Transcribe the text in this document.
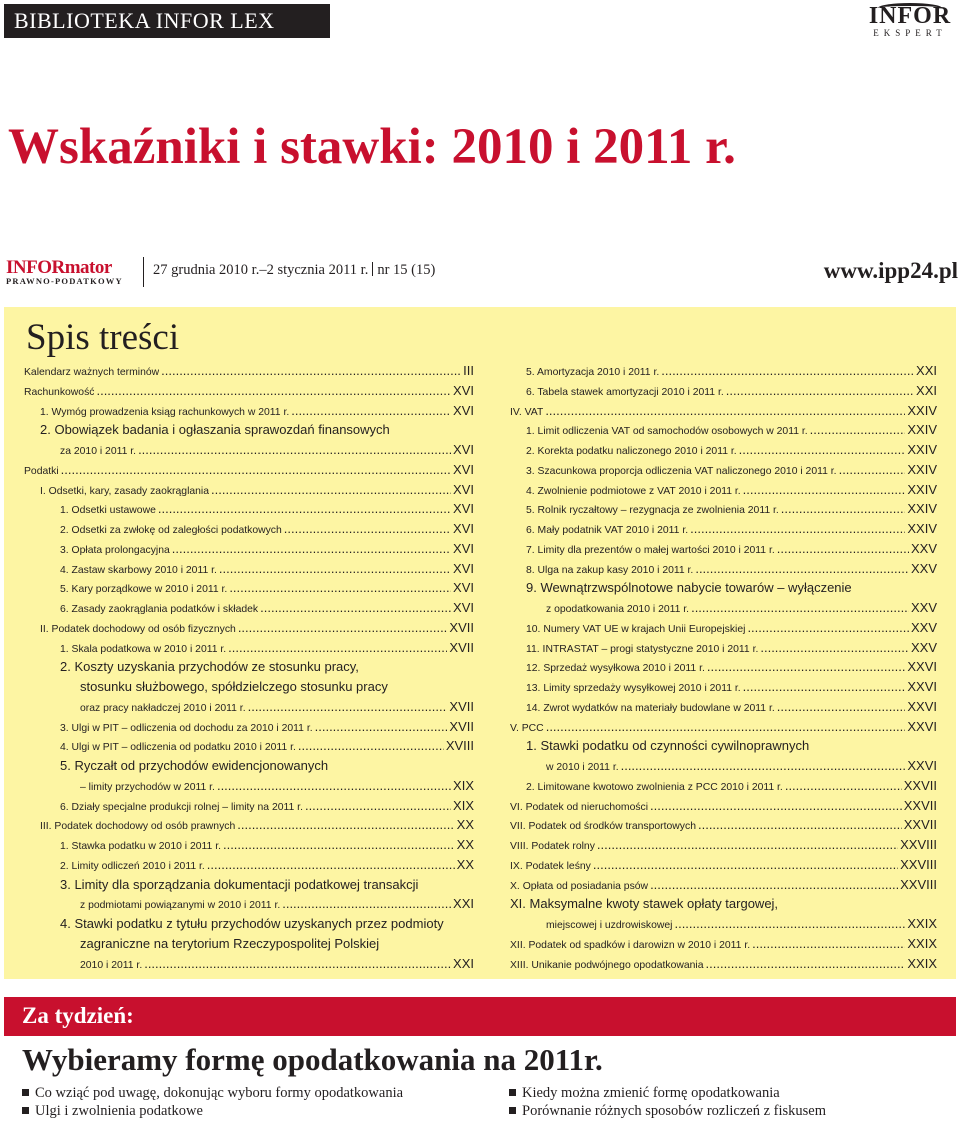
BIBLIOTEKA INFOR LEX	INFOR
EKSPERT
Wskaźniki i stawki: 2010 i 2011 r.
INFORmator
PRAWNO-PODATKOWY
27 grudnia 2010 r.–2 stycznia 2011 r. nr 15 (15)	www.ipp24.pl
Spis treści
Kalendarz ważnych terminów .....	III
Rachunkowość .....	XVI
1. Wymóg prowadzenia ksiąg rachunkowych w 2011 r. .....	XVI
2. Obowiązek badania i ogłaszania sprawozdań finansowych
za 2010 i 2011 r. .....	XVI
Podatki .....	XVI
I. Odsetki, kary, zasady zaokrąglania .....	XVI
1. Odsetki ustawowe .....	XVI
2. Odsetki za zwłokę od zaległości podatkowych .....	XVI
3. Opłata prolongacyjna .....	XVI
4. Zastaw skarbowy 2010 i 2011 r. .....	XVI
5. Kary porządkowe w 2010 i 2011 r. .....	XVI
6. Zasady zaokrąglania podatków i składek .....	XVI
II. Podatek dochodowy od osób fizycznych .....	XVII
1. Skala podatkowa w 2010 i 2011 r. .....	XVII
2. Koszty uzyskania przychodów ze stosunku pracy,
stosunku służbowego, spółdzielczego stosunku pracy
oraz pracy nakładczej 2010 i 2011 r. .....	XVII
3. Ulgi w PIT – odliczenia od dochodu za 2010 i 2011 r. .....	XVII
4. Ulgi w PIT – odliczenia od podatku 2010 i 2011 r. .....	XVIII
5. Ryczałt od przychodów ewidencjonowanych
– limity przychodów w 2011 r. .....	XIX
6. Działy specjalne produkcji rolnej – limity na 2011 r. .....	XIX
III. Podatek dochodowy od osób prawnych .....	XX
1. Stawka podatku w 2010 i 2011 r. .....	XX
2. Limity odliczeń 2010 i 2011 r. .....	XX
3. Limity dla sporządzania dokumentacji podatkowej transakcji
z podmiotami powiązanymi w 2010 i 2011 r. .....	XXI
4. Stawki podatku z tytułu przychodów uzyskanych przez podmioty
zagraniczne na terytorium Rzeczypospolitej Polskiej
2010 i 2011 r. .....	XXI
5. Amortyzacja 2010 i 2011 r. .....	XXI
6. Tabela stawek amortyzacji 2010 i 2011 r. .....	XXI
IV. VAT .....	XXIV
1. Limit odliczenia VAT od samochodów osobowych w 2011 r. .....	XXIV
2. Korekta podatku naliczonego 2010 i 2011 r. .....	XXIV
3. Szacunkowa proporcja odliczenia VAT naliczonego 2010 i 2011 r. .....	XXIV
4. Zwolnienie podmiotowe z VAT 2010 i 2011 r. .....	XXIV
5. Rolnik ryczałtowy – rezygnacja ze zwolnienia 2011 r. .....	XXIV
6. Mały podatnik VAT 2010 i 2011 r. .....	XXIV
7. Limity dla prezentów o małej wartości 2010 i 2011 r. .....	XXV
8. Ulga na zakup kasy 2010 i 2011 r. .....	XXV
9. Wewnątrzwspólnotowe nabycie towarów – wyłączenie
z opodatkowania 2010 i 2011 r. .....	XXV
10. Numery VAT UE w krajach Unii Europejskiej .....	XXV
11. INTRASTAT – progi statystyczne 2010 i 2011 r. .....	XXV
12. Sprzedaż wysyłkowa 2010 i 2011 r. .....	XXVI
13. Limity sprzedaży wysyłkowej 2010 i 2011 r. .....	XXVI
14. Zwrot wydatków na materiały budowlane w 2011 r. .....	XXVI
V. PCC .....	XXVI
1. Stawki podatku od czynności cywilnoprawnych
w 2010 i 2011 r. .....	XXVI
2. Limitowane kwotowo zwolnienia z PCC 2010 i 2011 r. .....	XXVII
VI. Podatek od nieruchomości .....	XXVII
VII. Podatek od środków transportowych .....	XXVII
VIII. Podatek rolny .....	XXVIII
IX. Podatek leśny .....	XXVIII
X. Opłata od posiadania psów .....	XXVIII
XI. Maksymalne kwoty stawek opłaty targowej,
miejscowej i uzdrowiskowej .....	XXIX
XII. Podatek od spadków i darowizn w 2010 i 2011 r. .....	XXIX
XIII. Unikanie podwójnego opodatkowania .....	XXIX
Za tydzień:
Wybieramy formę opodatkowania na 2011r.
Co wziąć pod uwagę, dokonując wyboru formy opodatkowania
Ulgi i zwolnienia podatkowe
Kiedy można zmienić formę opodatkowania
Porównanie różnych sposobów rozliczeń z fiskusem
